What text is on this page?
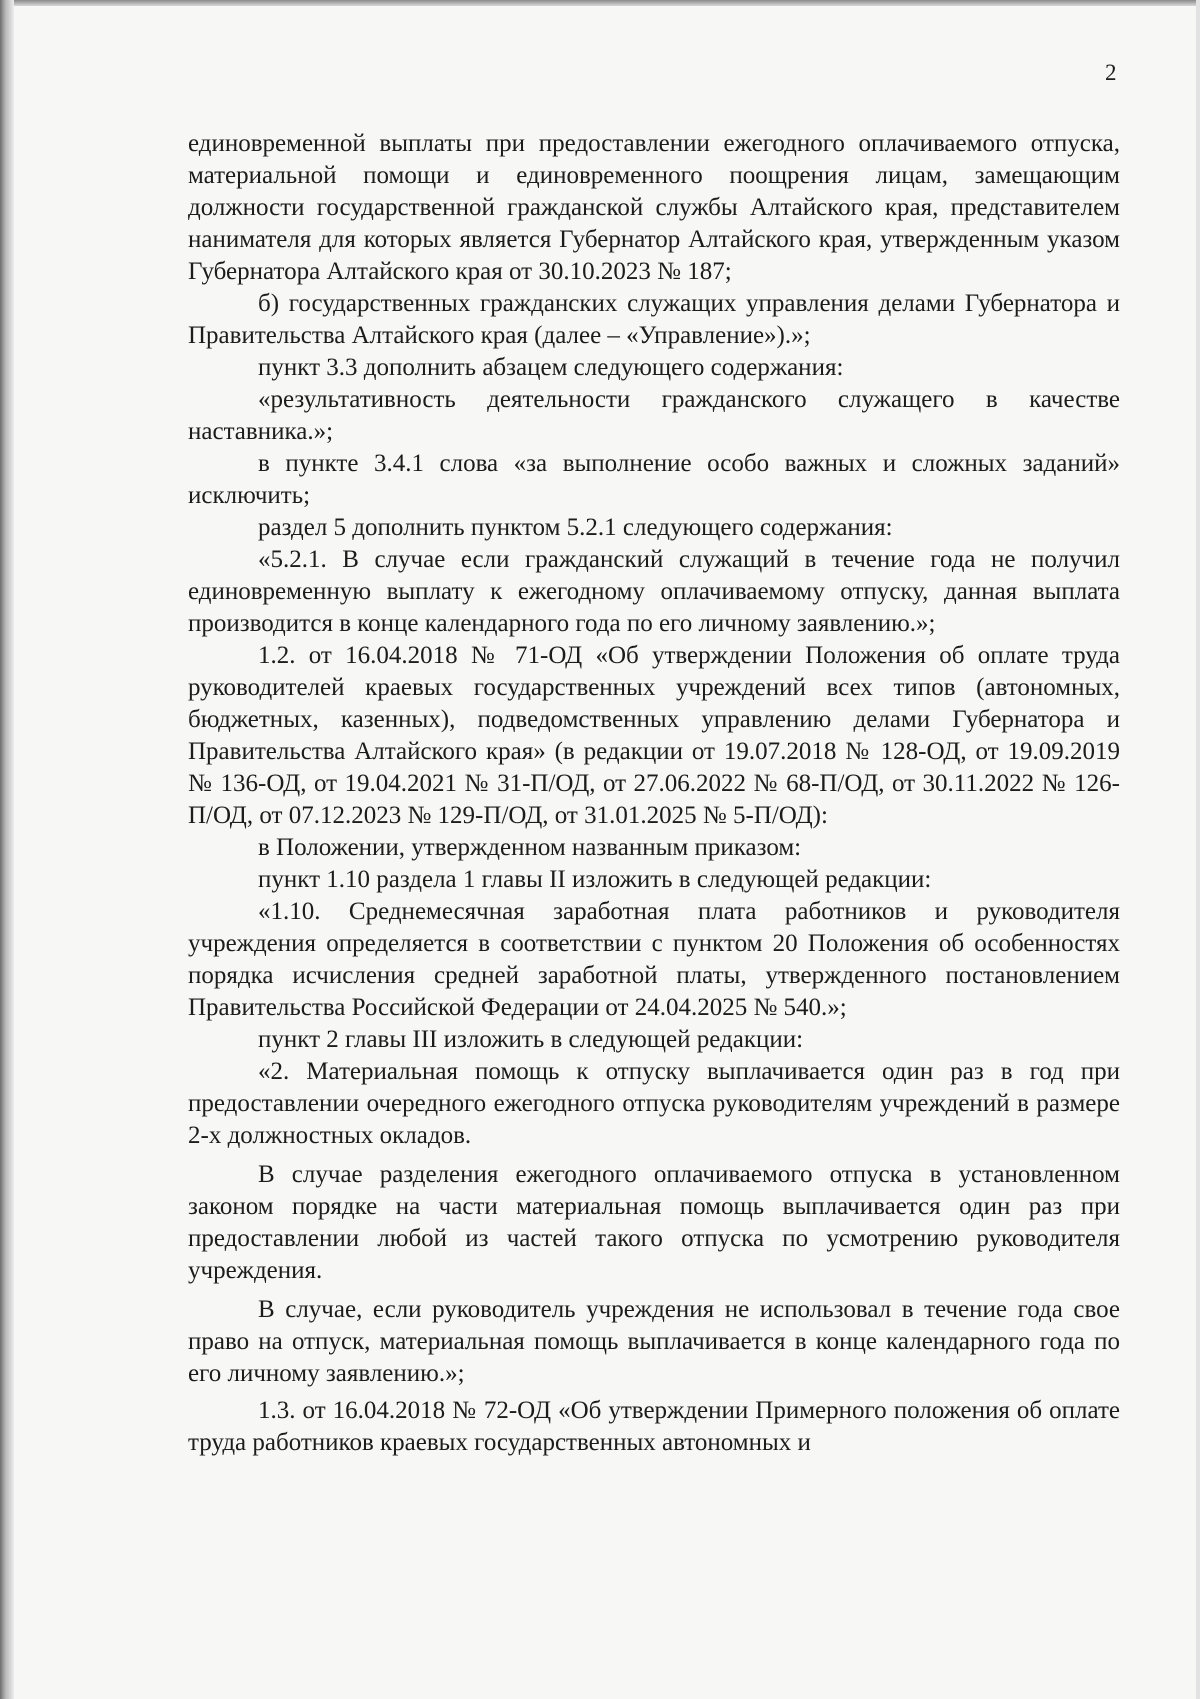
2

единовременной выплаты при предоставлении ежегодного оплачиваемого отпуска, материальной помощи и единовременного поощрения лицам, замещающим должности государственной гражданской службы Алтайского края, представителем нанимателя для которых является Губернатор Алтайского края, утвержденным указом Губернатора Алтайского края от 30.10.2023 № 187;

б) государственных гражданских служащих управления делами Губернатора и Правительства Алтайского края (далее – «Управление»).»;

пункт 3.3 дополнить абзацем следующего содержания:

«результативность деятельности гражданского служащего в качестве наставника.»;

в пункте 3.4.1 слова «за выполнение особо важных и сложных заданий» исключить;

раздел 5 дополнить пунктом 5.2.1 следующего содержания:

«5.2.1. В случае если гражданский служащий в течение года не получил единовременную выплату к ежегодному оплачиваемому отпуску, данная выплата производится в конце календарного года по его личному заявлению.»;

1.2. от 16.04.2018 № 71-ОД «Об утверждении Положения об оплате труда руководителей краевых государственных учреждений всех типов (автономных, бюджетных, казенных), подведомственных управлению делами Губернатора и Правительства Алтайского края» (в редакции от 19.07.2018 № 128-ОД, от 19.09.2019 № 136-ОД, от 19.04.2021 № 31-П/ОД, от 27.06.2022 № 68-П/ОД, от 30.11.2022 № 126-П/ОД, от 07.12.2023 № 129-П/ОД, от 31.01.2025 № 5-П/ОД):

в Положении, утвержденном названным приказом:

пункт 1.10 раздела 1 главы II изложить в следующей редакции:

«1.10. Среднемесячная заработная плата работников и руководителя учреждения определяется в соответствии с пунктом 20 Положения об особенностях порядка исчисления средней заработной платы, утвержденного постановлением Правительства Российской Федерации от 24.04.2025 № 540.»;

пункт 2 главы III изложить в следующей редакции:

«2. Материальная помощь к отпуску выплачивается один раз в год при предоставлении очередного ежегодного отпуска руководителям учреждений в размере 2-х должностных окладов.

В случае разделения ежегодного оплачиваемого отпуска в установленном законом порядке на части материальная помощь выплачивается один раз при предоставлении любой из частей такого отпуска по усмотрению руководителя учреждения.

В случае, если руководитель учреждения не использовал в течение года свое право на отпуск, материальная помощь выплачивается в конце календарного года по его личному заявлению.»;

1.3. от 16.04.2018 № 72-ОД «Об утверждении Примерного положения об оплате труда работников краевых государственных автономных и
